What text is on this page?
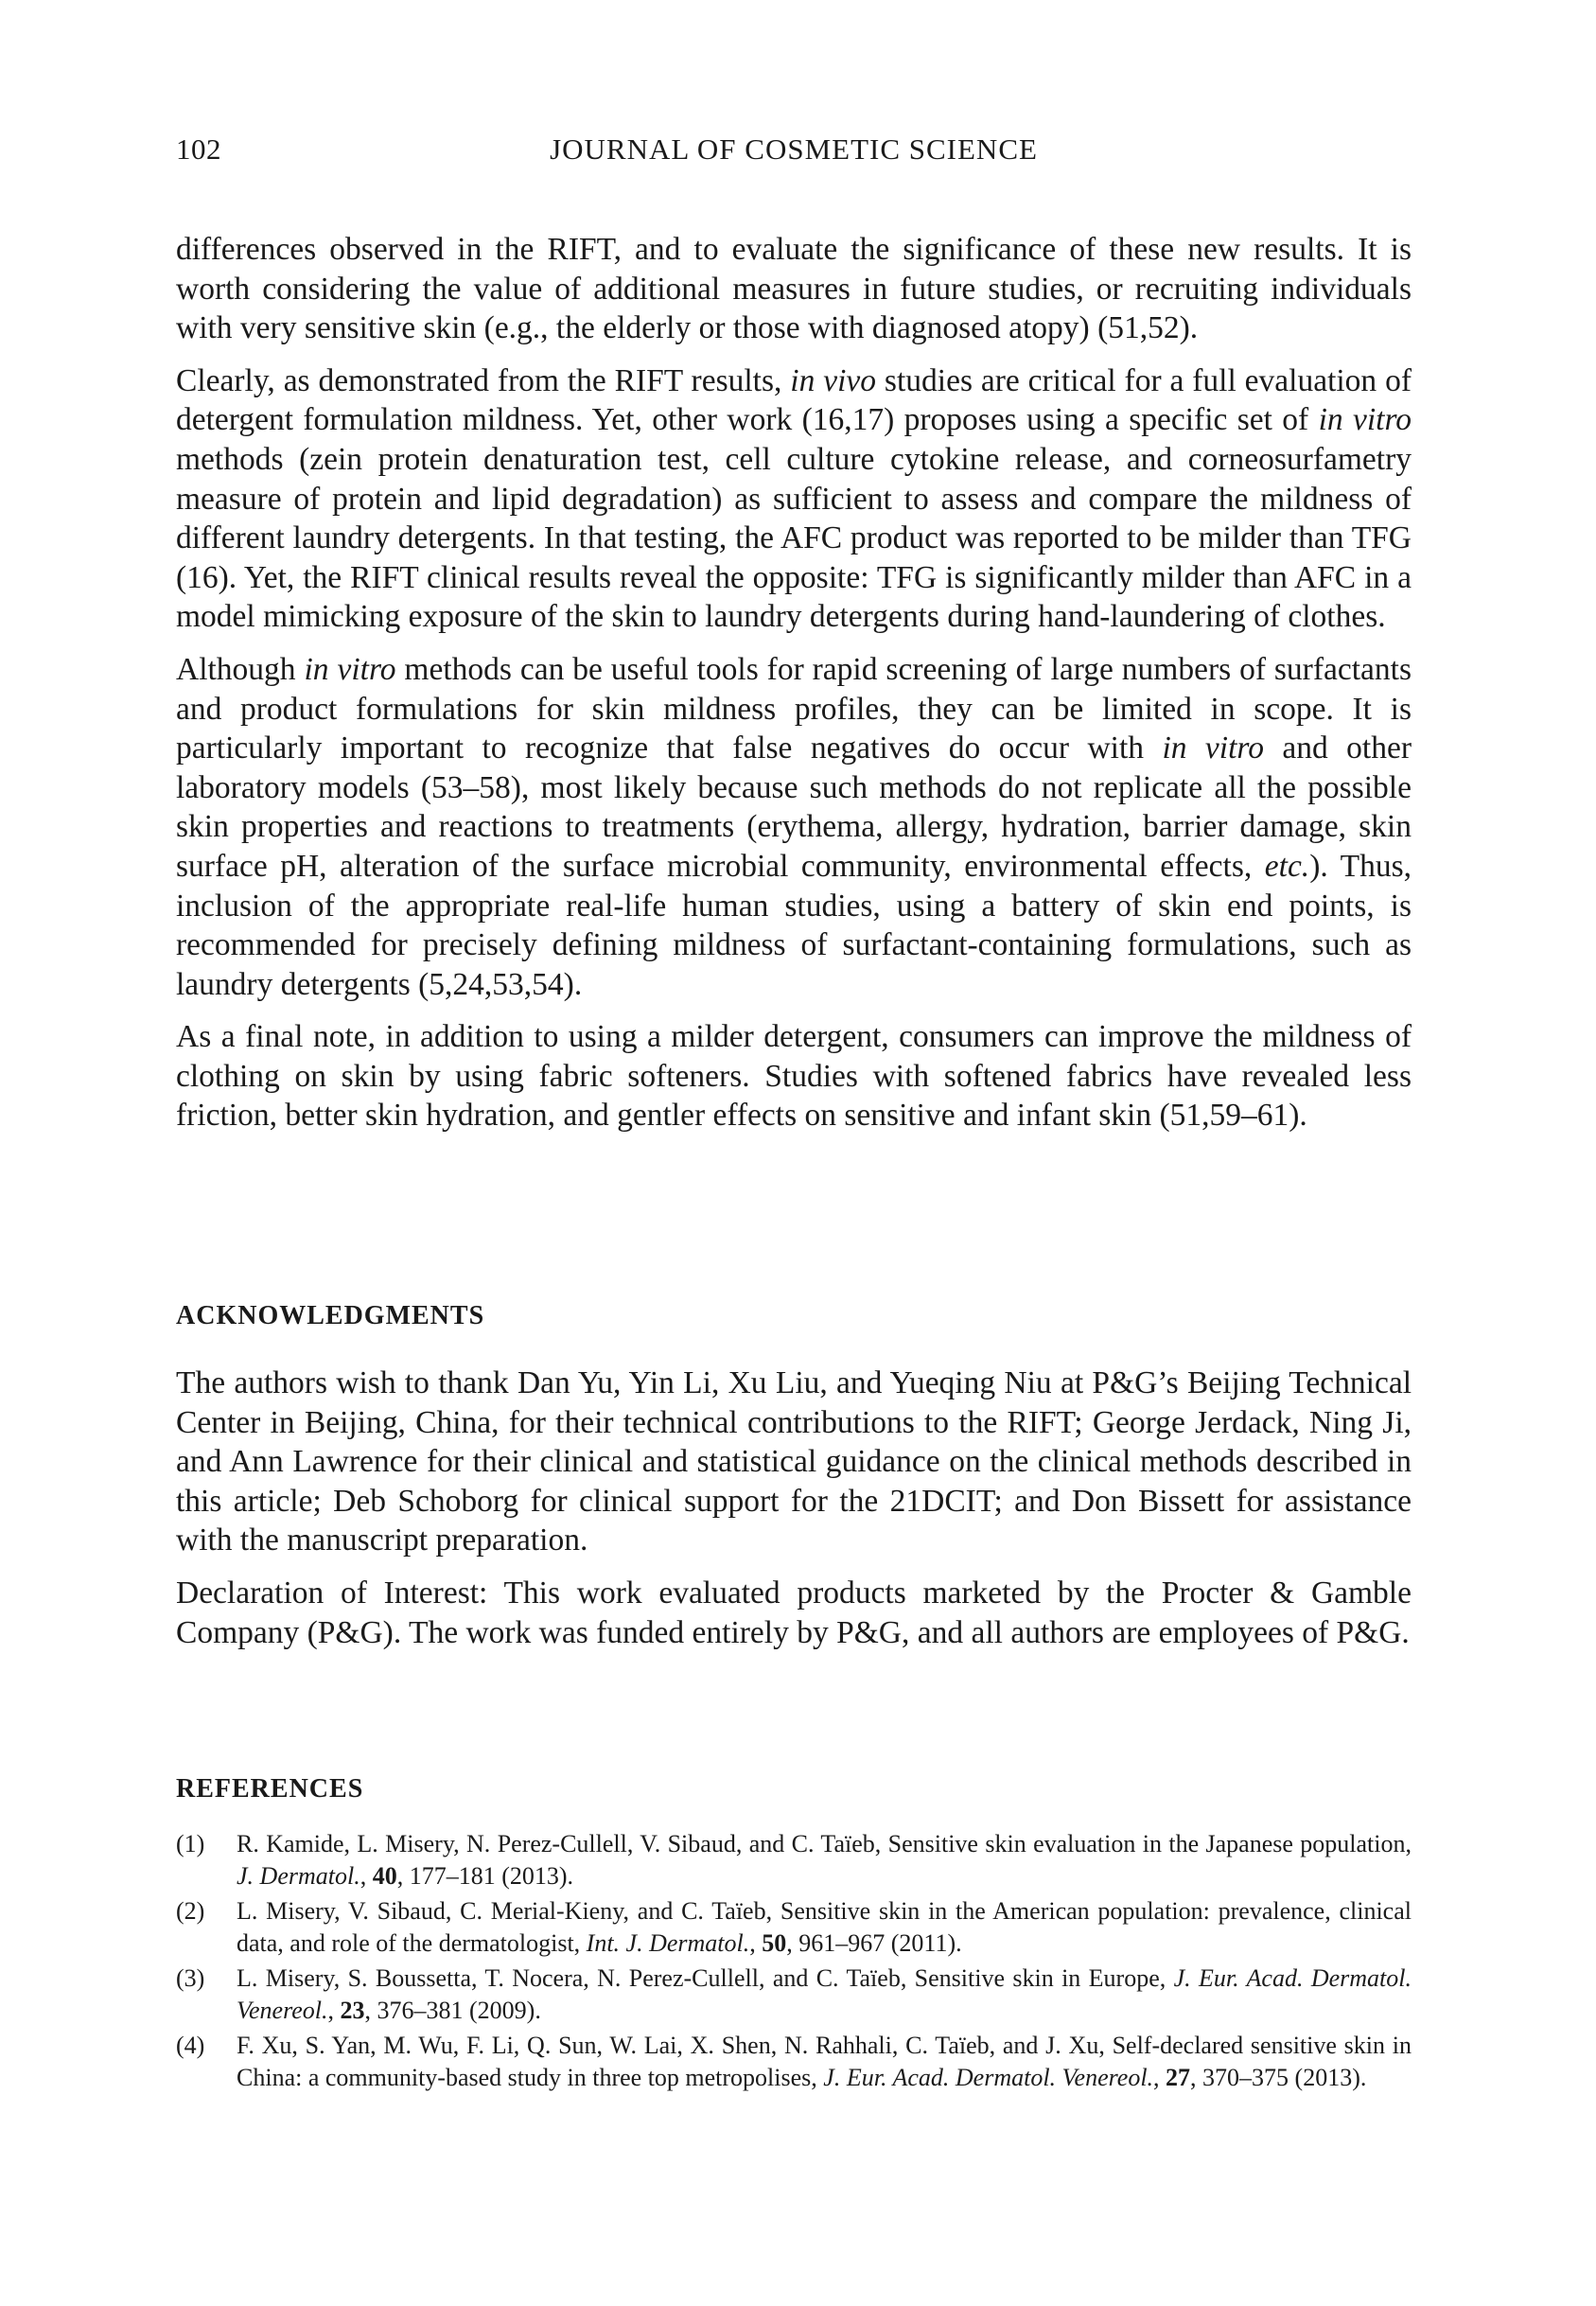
102	JOURNAL OF COSMETIC SCIENCE

differences observed in the RIFT, and to evaluate the significance of these new results. It is worth considering the value of additional measures in future studies, or recruiting individuals with very sensitive skin (e.g., the elderly or those with diagnosed atopy) (51,52).

Clearly, as demonstrated from the RIFT results, in vivo studies are critical for a full evaluation of detergent formulation mildness. Yet, other work (16,17) proposes using a specific set of in vitro methods (zein protein denaturation test, cell culture cytokine release, and corneosurfametry measure of protein and lipid degradation) as sufficient to assess and compare the mildness of different laundry detergents. In that testing, the AFC product was reported to be milder than TFG (16). Yet, the RIFT clinical results reveal the opposite: TFG is significantly milder than AFC in a model mimicking exposure of the skin to laundry detergents during hand-laundering of clothes.

Although in vitro methods can be useful tools for rapid screening of large numbers of surfactants and product formulations for skin mildness profiles, they can be limited in scope. It is particularly important to recognize that false negatives do occur with in vitro and other laboratory models (53–58), most likely because such methods do not replicate all the possible skin properties and reactions to treatments (erythema, allergy, hydration, barrier damage, skin surface pH, alteration of the surface microbial community, environmental effects, etc.). Thus, inclusion of the appropriate real-life human studies, using a battery of skin end points, is recommended for precisely defining mildness of surfactant-containing formulations, such as laundry detergents (5,24,53,54).

As a final note, in addition to using a milder detergent, consumers can improve the mildness of clothing on skin by using fabric softeners. Studies with softened fabrics have revealed less friction, better skin hydration, and gentler effects on sensitive and infant skin (51,59–61).

ACKNOWLEDGMENTS

The authors wish to thank Dan Yu, Yin Li, Xu Liu, and Yueqing Niu at P&G’s Beijing Technical Center in Beijing, China, for their technical contributions to the RIFT; George Jerdack, Ning Ji, and Ann Lawrence for their clinical and statistical guidance on the clinical methods described in this article; Deb Schoborg for clinical support for the 21DCIT; and Don Bissett for assistance with the manuscript preparation.

Declaration of Interest: This work evaluated products marketed by the Procter & Gamble Company (P&G). The work was funded entirely by P&G, and all authors are employees of P&G.

REFERENCES
(1) R. Kamide, L. Misery, N. Perez-Cullell, V. Sibaud, and C. Taïeb, Sensitive skin evaluation in the Japanese population, J. Dermatol., 40, 177–181 (2013).
(2) L. Misery, V. Sibaud, C. Merial-Kieny, and C. Taïeb, Sensitive skin in the American population: prevalence, clinical data, and role of the dermatologist, Int. J. Dermatol., 50, 961–967 (2011).
(3) L. Misery, S. Boussetta, T. Nocera, N. Perez-Cullell, and C. Taïeb, Sensitive skin in Europe, J. Eur. Acad. Dermatol. Venereol., 23, 376–381 (2009).
(4) F. Xu, S. Yan, M. Wu, F. Li, Q. Sun, W. Lai, X. Shen, N. Rahhali, C. Taïeb, and J. Xu, Self-declared sensitive skin in China: a community-based study in three top metropolises, J. Eur. Acad. Dermatol. Venereol., 27, 370–375 (2013).
